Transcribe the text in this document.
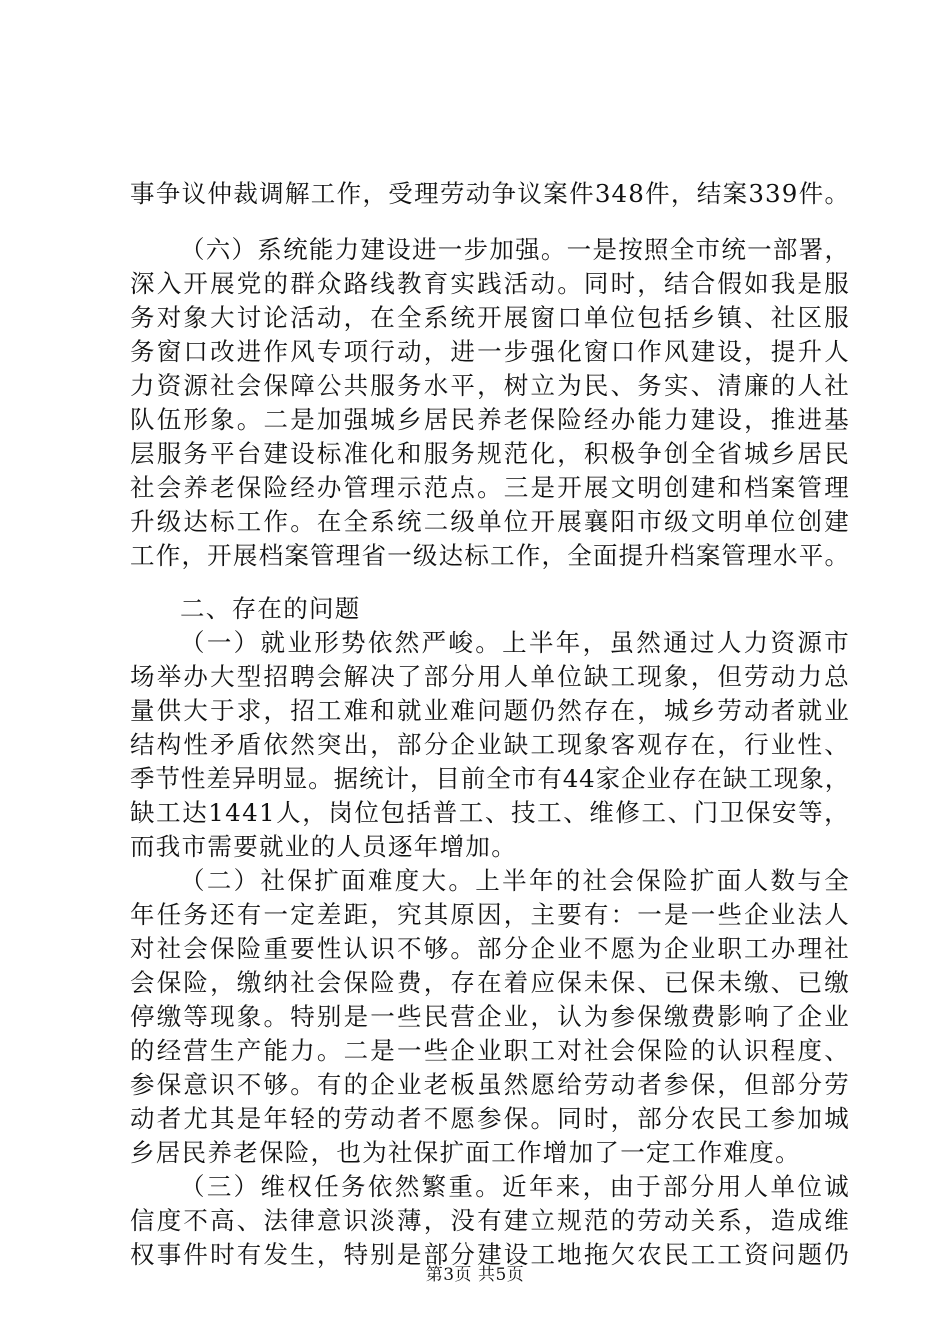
事争议仲裁调解工作，受理劳动争议案件348件，结案339件。
（六）系统能力建设进一步加强。一是按照全市统一部署，
深入开展党的群众路线教育实践活动。同时，结合假如我是服
务对象大讨论活动，在全系统开展窗口单位包括乡镇、社区服
务窗口改进作风专项行动，进一步强化窗口作风建设，提升人
力资源社会保障公共服务水平，树立为民、务实、清廉的人社
队伍形象。二是加强城乡居民养老保险经办能力建设，推进基
层服务平台建设标准化和服务规范化，积极争创全省城乡居民
社会养老保险经办管理示范点。三是开展文明创建和档案管理
升级达标工作。在全系统二级单位开展襄阳市级文明单位创建
工作，开展档案管理省一级达标工作，全面提升档案管理水平。
二、存在的问题
（一）就业形势依然严峻。上半年，虽然通过人力资源市
场举办大型招聘会解决了部分用人单位缺工现象，但劳动力总
量供大于求，招工难和就业难问题仍然存在，城乡劳动者就业
结构性矛盾依然突出，部分企业缺工现象客观存在，行业性、
季节性差异明显。据统计，目前全市有44家企业存在缺工现象，
缺工达1441人，岗位包括普工、技工、维修工、门卫保安等，
而我市需要就业的人员逐年增加。
（二）社保扩面难度大。上半年的社会保险扩面人数与全
年任务还有一定差距，究其原因，主要有：一是一些企业法人
对社会保险重要性认识不够。部分企业不愿为企业职工办理社
会保险，缴纳社会保险费，存在着应保未保、已保未缴、已缴
停缴等现象。特别是一些民营企业，认为参保缴费影响了企业
的经营生产能力。二是一些企业职工对社会保险的认识程度、
参保意识不够。有的企业老板虽然愿给劳动者参保，但部分劳
动者尤其是年轻的劳动者不愿参保。同时，部分农民工参加城
乡居民养老保险，也为社保扩面工作增加了一定工作难度。
（三）维权任务依然繁重。近年来，由于部分用人单位诚
信度不高、法律意识淡薄，没有建立规范的劳动关系，造成维
权事件时有发生，特别是部分建设工地拖欠农民工工资问题仍
第3页 共5页
